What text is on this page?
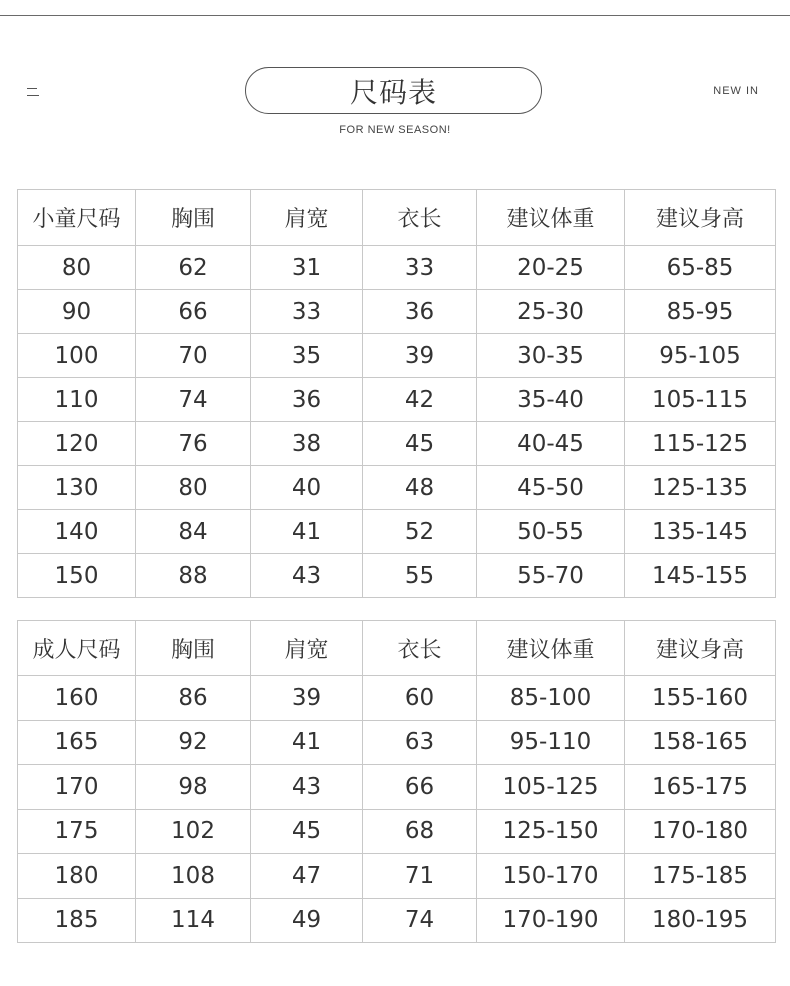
尺码表
FOR NEW SEASON!
NEW IN
小童尺码	胸围	肩宽	衣长	建议体重	建议身高
80	62	31	33	20-25	65-85
90	66	33	36	25-30	85-95
100	70	35	39	30-35	95-105
110	74	36	42	35-40	105-115
120	76	38	45	40-45	115-125
130	80	40	48	45-50	125-135
140	84	41	52	50-55	135-145
150	88	43	55	55-70	145-155
成人尺码	胸围	肩宽	衣长	建议体重	建议身高
160	86	39	60	85-100	155-160
165	92	41	63	95-110	158-165
170	98	43	66	105-125	165-175
175	102	45	68	125-150	170-180
180	108	47	71	150-170	175-185
185	114	49	74	170-190	180-195
